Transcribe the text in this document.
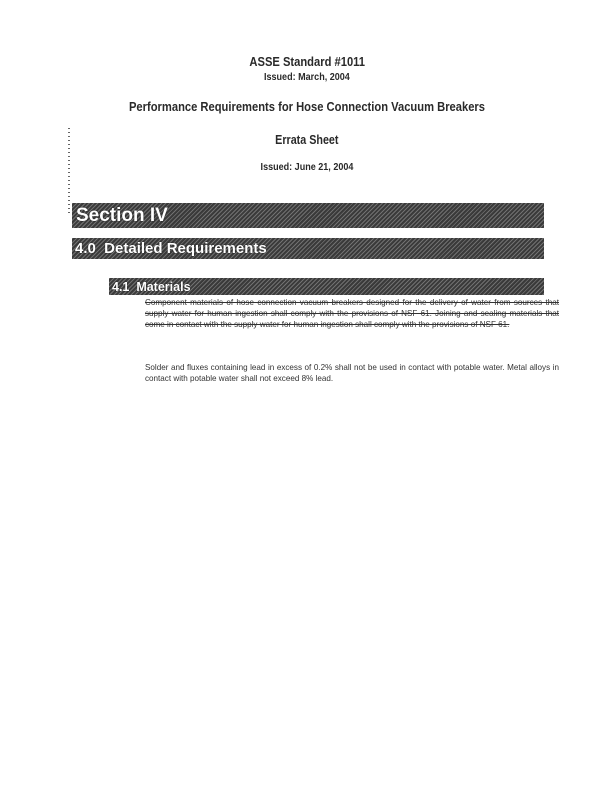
ASSE Standard #1011
Issued: March, 2004
Performance Requirements for Hose Connection Vacuum Breakers
Errata Sheet
Issued: June 21, 2004
Section IV
4.0  Detailed Requirements
4.1  Materials
Component materials of hose connection vacuum breakers designed for the delivery of water from sources that supply water for human ingestion shall comply with the provisions of NSF 61. Joining and sealing materials that come in contact with the supply water for human ingestion shall comply with the provisions of NSF 61.
Solder and fluxes containing lead in excess of 0.2% shall not be used in contact with potable water. Metal alloys in contact with potable water shall not exceed 8% lead.
